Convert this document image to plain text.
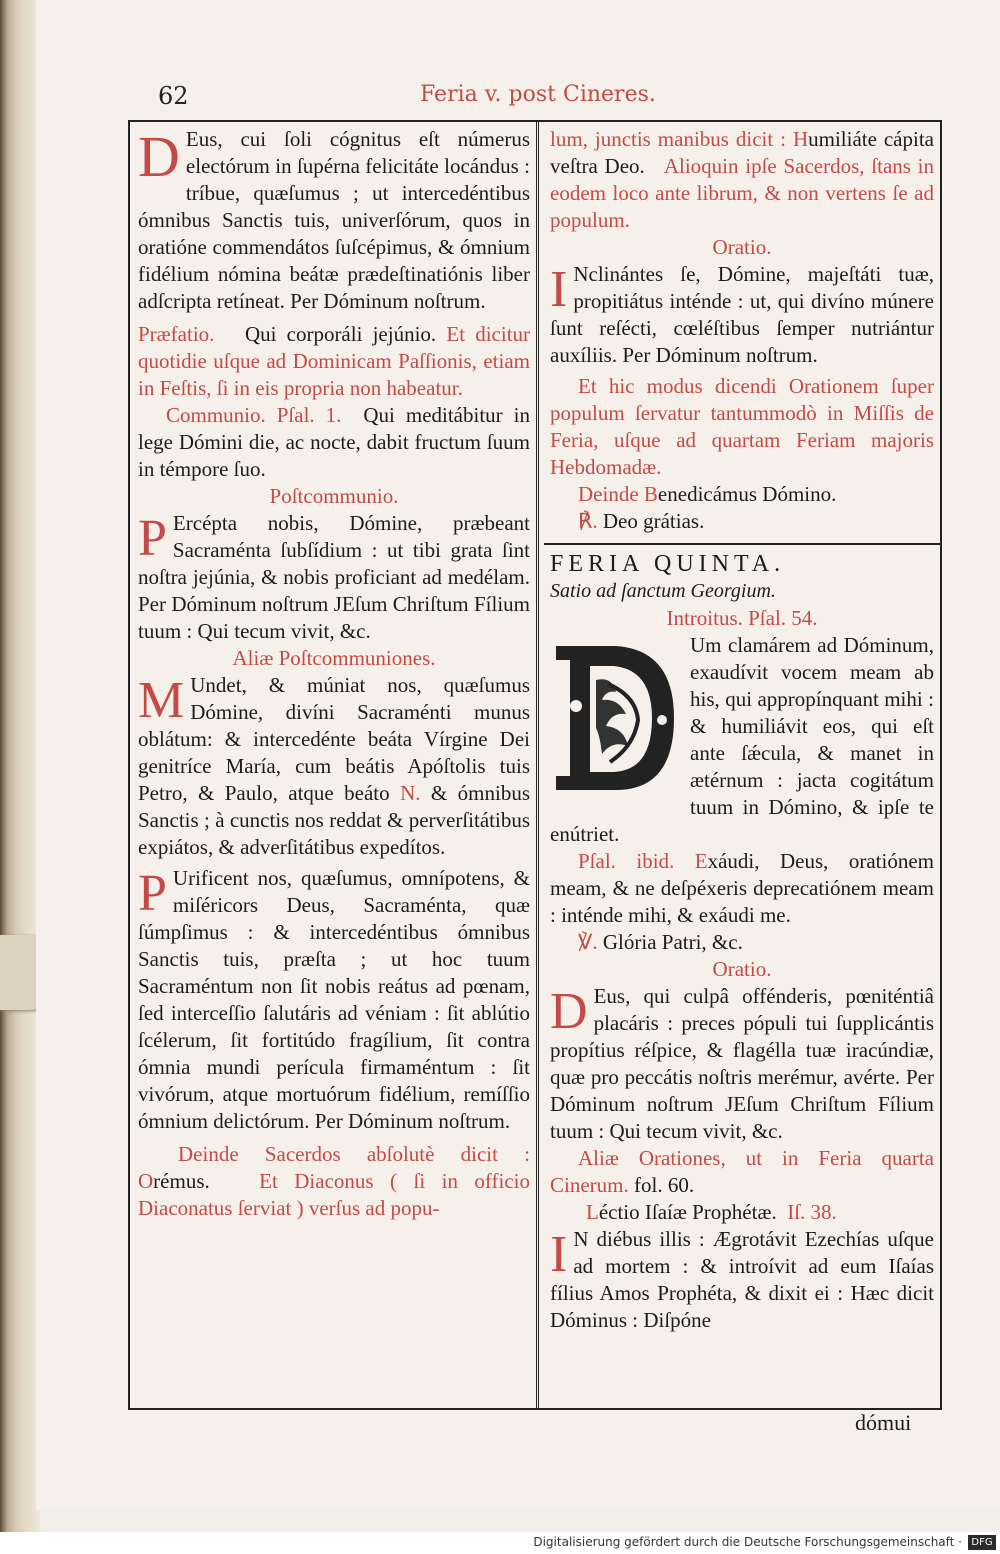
62	Feria v. post Cineres.

D Eus, cui ſoli cógnitus eſt númerus electórum in ſupérna felicitáte locándus : tríbue, quæſumus ; ut intercedéntibus ómnibus Sanctis tuis, univerſórum, quos in oratióne commendátos ſuſcépimus, & ómnium fidélium nómina beátæ prædeſtinatiónis liber adſcripta retíneat. Per Dóminum noſtrum.

Præfatio. Qui corporáli jejúnio. Et dicitur quotidie uſque ad Dominicam Paſſionis, etiam in Feſtis, ſi in eis propria non habeatur.

Communio. Pſal. 1. Qui meditábitur in lege Dómini die, ac nocte, dabit fructum ſuum in témpore ſuo.

Poſtcommunio.

P Ercépta nobis, Dómine, præbeant Sacraménta ſubſídium : ut tibi grata ſint noſtra jejúnia, & nobis proficiant ad medélam. Per Dóminum noſtrum JEſum Chriſtum Fílium tuum : Qui tecum vivit, &c.

Aliæ Poſtcommuniones.

M Undet, & múniat nos, quæſumus Dómine, divíni Sacraménti munus oblátum: & intercedénte beáta Vírgine Dei genitríce María, cum beátis Apóſtolis tuis Petro, & Paulo, atque beáto N. & ómnibus Sanctis ; à cunctis nos reddat & perverſitátibus expiátos, & adverſitátibus expedítos.

P Urificent nos, quæſumus, omnípotens, & miſéricors Deus, Sacraménta, quæ ſúmpſimus : & intercedéntibus ómnibus Sanctis tuis, præſta ; ut hoc tuum Sacraméntum non ſit nobis reátus ad pœnam, ſed interceſſio ſalutáris ad véniam : ſit ablútio ſcélerum, ſit fortitúdo fragílium, ſit contra ómnia mundi perícula firmaméntum : ſit vivórum, atque mortuórum fidélium, remíſſio ómnium delictórum. Per Dóminum noſtrum.

Deinde Sacerdos abſolutè dicit : Orémus. Et Diaconus ( ſi in officio Diaconatus ſerviat ) verſus ad popu-

lum, junctis manibus dicit : Humiliáte cápita veſtra Deo. Alioquin ipſe Sacerdos, ſtans in eodem loco ante librum, & non vertens ſe ad populum.

Oratio.

I Nclinántes ſe, Dómine, majeſtáti tuæ, propitiátus inténde : ut, qui divíno múnere ſunt reſécti, cœléſtibus ſemper nutriántur auxíliis. Per Dóminum noſtrum.

Et hic modus dicendi Orationem ſuper populum ſervatur tantummodò in Miſſis de Feria, uſque ad quartam Feriam majoris Hebdomadæ.

Deinde Benedicámus Dómino.

℟. Deo grátias.

FERIA QUINTA.

Satio ad ſanctum Georgium.

Introitus. Pſal. 54.

Um clamárem ad Dóminum, exaudívit vocem meam ab his, qui appropínquant mihi : & humiliávit eos, qui eſt ante ſǽcula, & manet in ætérnum : jacta cogitátum tuum in Dómino, & ipſe te enútriet.

Pſal. ibid. Exáudi, Deus, oratiónem meam, & ne deſpéxeris deprecatiónem meam : inténde mihi, & exáudi me.

℣. Glória Patri, &c.

Oratio.

D Eus, qui culpâ offénderis, pœniténtiâ placáris : preces pópuli tui ſupplicántis propítius réſpice, & flagélla tuæ iracúndiæ, quæ pro peccátis noſtris merémur, avérte. Per Dóminum noſtrum JEſum Chriſtum Fílium tuum : Qui tecum vivit, &c.

Aliæ Orationes, ut in Feria quarta Cinerum. fol. 60.

Léctio Iſaíæ Prophétæ. Iſ. 38.

I N diébus illis : Ægrotávit Ezechías uſque ad mortem : & introívit ad eum Iſaías fílius Amos Prophéta, & dixit ei : Hæc dicit Dóminus : Diſpóne

dómui
Digitalisierung gefördert durch die Deutsche Forschungsgemeinschaft · DFG
